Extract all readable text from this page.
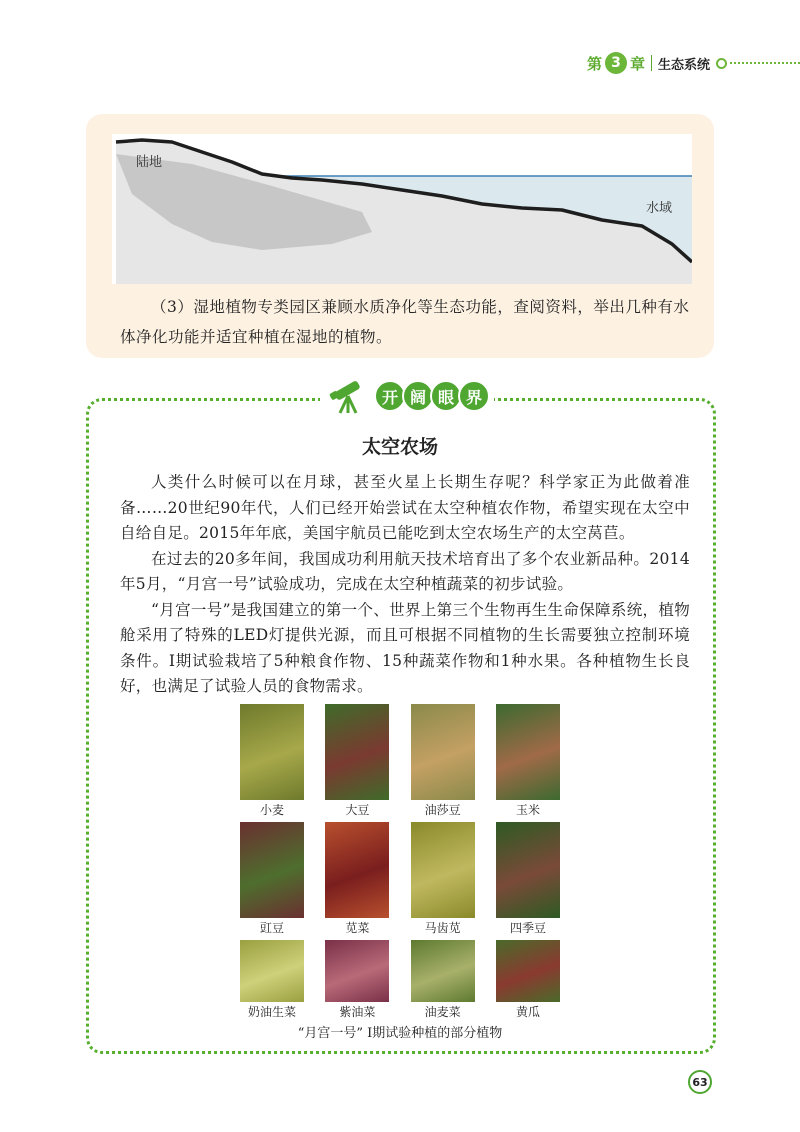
第 3 章 生态系统
陆地
水域
（3）湿地植物专类园区兼顾水质净化等生态功能，查阅资料，举出几种有水体净化功能并适宜种植在湿地的植物。
开 阔 眼 界
太空农场

人类什么时候可以在月球，甚至火星上长期生存呢？科学家正为此做着准备……20世纪90年代，人们已经开始尝试在太空种植农作物，希望实现在太空中自给自足。2015年年底，美国宇航员已能吃到太空农场生产的太空莴苣。

在过去的20多年间，我国成功利用航天技术培育出了多个农业新品种。2014年5月，“月宫一号”试验成功，完成在太空种植蔬菜的初步试验。

“月宫一号”是我国建立的第一个、世界上第三个生物再生生命保障系统，植物舱采用了特殊的LED灯提供光源，而且可根据不同植物的生长需要独立控制环境条件。Ⅰ期试验栽培了5种粮食作物、15种蔬菜作物和1种水果。各种植物生长良好，也满足了试验人员的食物需求。

小麦	大豆	油莎豆	玉米
豇豆	苋菜	马齿苋	四季豆
奶油生菜	紫油菜	油麦菜	黄瓜
“月宫一号” Ⅰ期试验种植的部分植物
63
